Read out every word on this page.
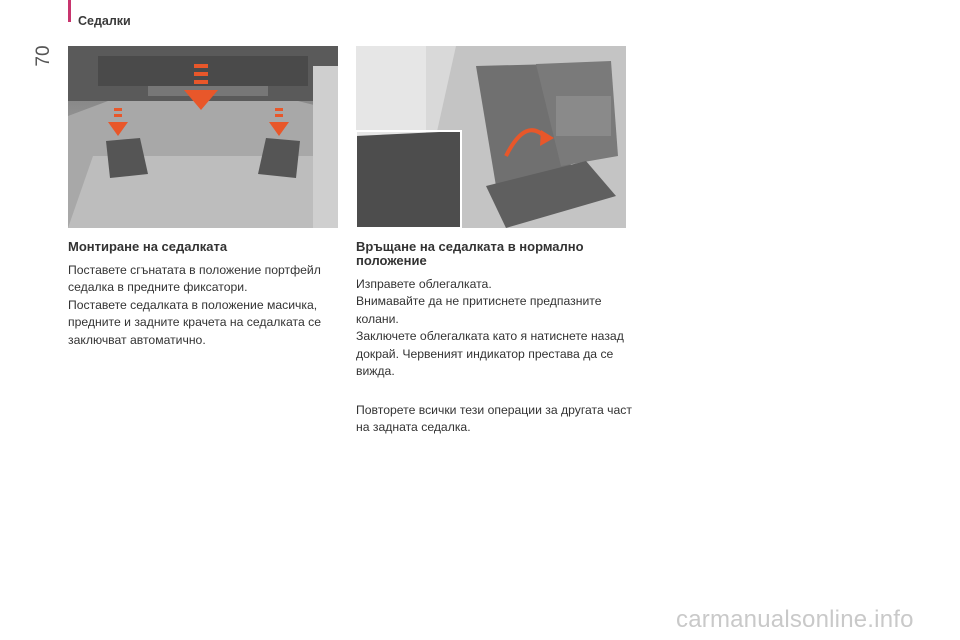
Седалки
70
Монтиране на седалката

Поставете сгънатата в положение портфейл седалка в предните фиксатори.

Поставете седалката в положение масичка, предните и задните крачета на седалката се заключват автоматично.

Връщане на седалката в нормално положение

Изправете облегалката.

Внимавайте да не притиснете предпазните колани.

Заключете облегалката като я натиснете назад докрай. Червеният индикатор престава да се вижда.

Повторете всички тези операции за другата част на задната седалка.
carmanualsonline.info
